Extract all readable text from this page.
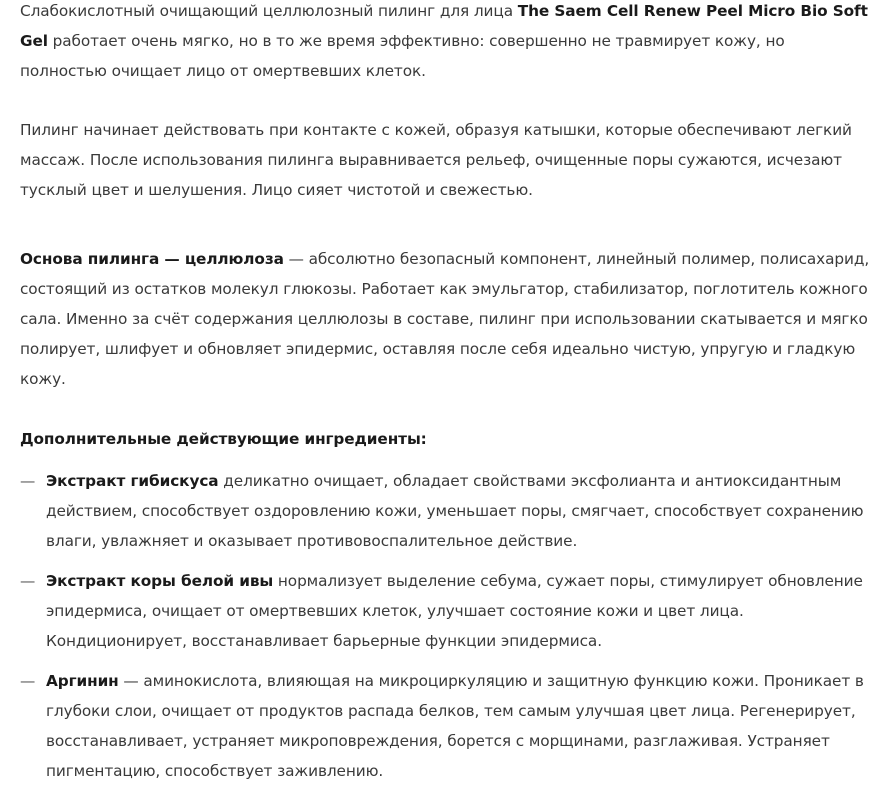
Слабокислотный очищающий целлюлозный пилинг для лица The Saem Cell Renew Peel Micro Bio Soft Gel работает очень мягко, но в то же время эффективно: совершенно не травмирует кожу, но полностью очищает лицо от омертвевших клеток.

Пилинг начинает действовать при контакте с кожей, образуя катышки, которые обеспечивают легкий массаж. После использования пилинга выравнивается рельеф, очищенные поры сужаются, исчезают тусклый цвет и шелушения. Лицо сияет чистотой и свежестью.

Основа пилинга — целлюлоза — абсолютно безопасный компонент, линейный полимер, полисахарид, состоящий из остатков молекул глюкозы. Работает как эмульгатор, стабилизатор, поглотитель кожного сала. Именно за счёт содержания целлюлозы в составе, пилинг при использовании скатывается и мягко полирует, шлифует и обновляет эпидермис, оставляя после себя идеально чистую, упругую и гладкую кожу.

Дополнительные действующие ингредиенты:

— Экстракт гибискуса деликатно очищает, обладает свойствами эксфолианта и антиоксидантным действием, способствует оздоровлению кожи, уменьшает поры, смягчает, способствует сохранению влаги, увлажняет и оказывает противовоспалительное действие.
— Экстракт коры белой ивы нормализует выделение себума, сужает поры, стимулирует обновление эпидермиса, очищает от омертвевших клеток, улучшает состояние кожи и цвет лица. Кондиционирует, восстанавливает барьерные функции эпидермиса.
— Аргинин — аминокислота, влияющая на микроциркуляцию и защитную функцию кожи. Проникает в глубоки слои, очищает от продуктов распада белков, тем самым улучшая цвет лица. Регенерирует, восстанавливает, устраняет микроповреждения, борется с морщинами, разглаживая. Устраняет пигментацию, способствует заживлению.
